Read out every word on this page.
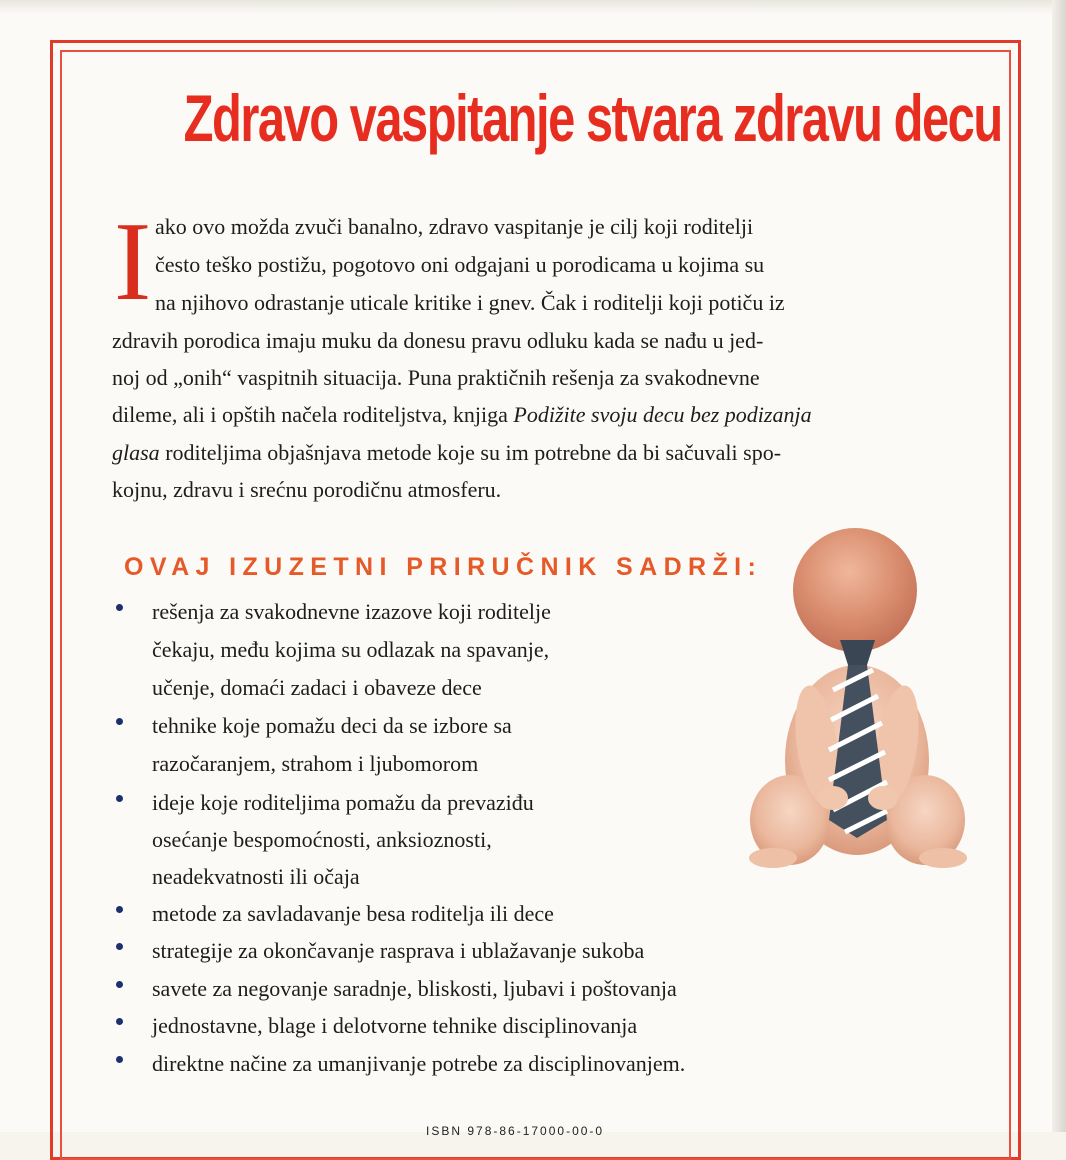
Zdravo vaspitanje stvara zdravu decu
I ako ovo možda zvuči banalno, zdravo vaspitanje je cilj koji roditelji
često teško postižu, pogotovo oni odgajani u porodicama u kojima su
na njihovo odrastanje uticale kritike i gnev. Čak i roditelji koji potiču iz
zdravih porodica imaju muku da donesu pravu odluku kada se nađu u jed-
noj od „onih“ vaspitnih situacija. Puna praktičnih rešenja za svakodnevne
dileme, ali i opštih načela roditeljstva, knjiga Podižite svoju decu bez podizanja
glasa roditeljima objašnjava metode koje su im potrebne da bi sačuvali spo-
kojnu, zdravu i srećnu porodičnu atmosferu.
OVAJ IZUZETNI PRIRUČNIK SADRŽI:
rešenja za svakodnevne izazove koji roditelje
čekaju, među kojima su odlazak na spavanje,
učenje, domaći zadaci i obaveze dece
tehnike koje pomažu deci da se izbore sa
razočaranjem, strahom i ljubomorom
ideje koje roditeljima pomažu da prevaziđu
osećanje bespomoćnosti, anksioznosti,
neadekvatnosti ili očaja
metode za savladavanje besa roditelja ili dece
strategije za okončavanje rasprava i ublažavanje sukoba
savete za negovanje saradnje, bliskosti, ljubavi i poštovanja
jednostavne, blage i delotvorne tehnike disciplinovanja
direktne načine za umanjivanje potrebe za disciplinovanjem.
ISBN 978-86-17000-00-0
